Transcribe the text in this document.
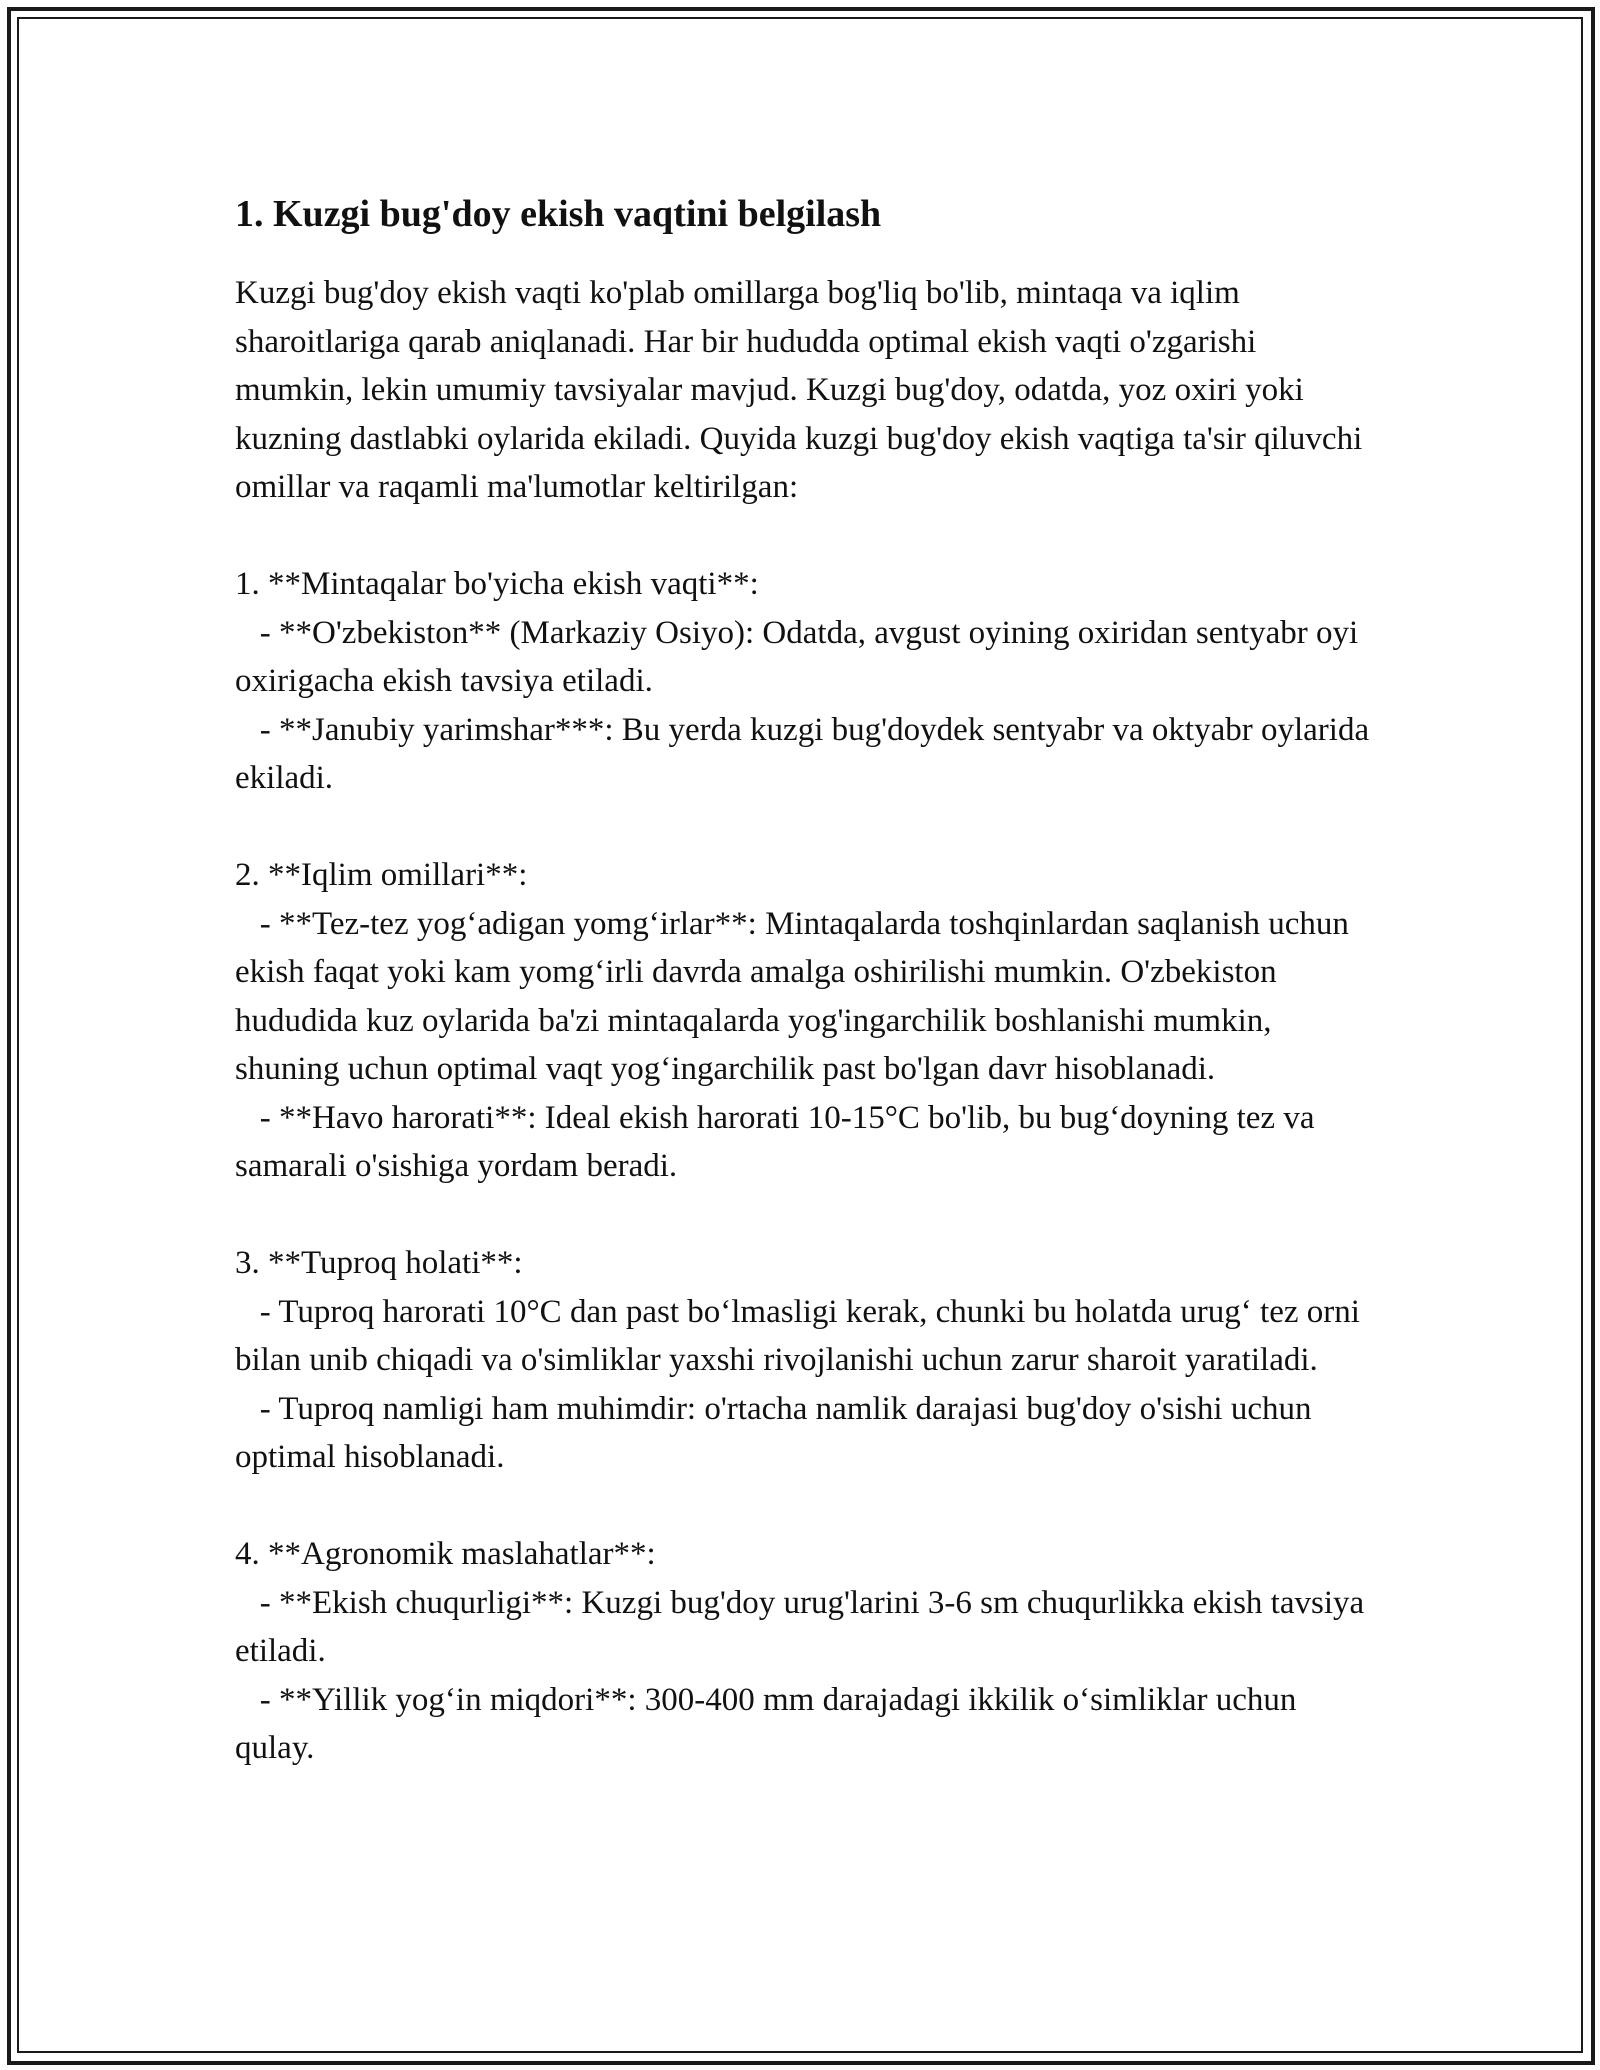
1. Kuzgi bug'doy ekish vaqtini belgilash

Kuzgi bug'doy ekish vaqti ko'plab omillarga bog'liq bo'lib, mintaqa va iqlim sharoitlariga qarab aniqlanadi. Har bir hududda optimal ekish vaqti o'zgarishi mumkin, lekin umumiy tavsiyalar mavjud. Kuzgi bug'doy, odatda, yoz oxiri yoki kuzning dastlabki oylarida ekiladi. Quyida kuzgi bug'doy ekish vaqtiga ta'sir qiluvchi omillar va raqamli ma'lumotlar keltirilgan:

1. **Mintaqalar bo'yicha ekish vaqti**:

- **O'zbekiston** (Markaziy Osiyo): Odatda, avgust oyining oxiridan sentyabr oyi oxirigacha ekish tavsiya etiladi.

- **Janubiy yarimshar***: Bu yerda kuzgi bug'doydek sentyabr va oktyabr oylarida ekiladi.

2. **Iqlim omillari**:

- **Tez-tez yog‘adigan yomg‘irlar**: Mintaqalarda toshqinlardan saqlanish uchun ekish faqat yoki kam yomg‘irli davrda amalga oshirilishi mumkin. O'zbekiston hududida kuz oylarida ba'zi mintaqalarda yog'ingarchilik boshlanishi mumkin, shuning uchun optimal vaqt yog‘ingarchilik past bo'lgan davr hisoblanadi.

- **Havo harorati**: Ideal ekish harorati 10-15°C bo'lib, bu bug‘doyning tez va samarali o'sishiga yordam beradi.

3. **Tuproq holati**:

- Tuproq harorati 10°C dan past bo‘lmasligi kerak, chunki bu holatda urug‘ tez orni bilan unib chiqadi va o'simliklar yaxshi rivojlanishi uchun zarur sharoit yaratiladi.

- Tuproq namligi ham muhimdir: o'rtacha namlik darajasi bug'doy o'sishi uchun optimal hisoblanadi.

4. **Agronomik maslahatlar**:

- **Ekish chuqurligi**: Kuzgi bug'doy urug'larini 3-6 sm chuqurlikka ekish tavsiya etiladi.

- **Yillik yog‘in miqdori**: 300-400 mm darajadagi ikkilik o‘simliklar uchun qulay.
